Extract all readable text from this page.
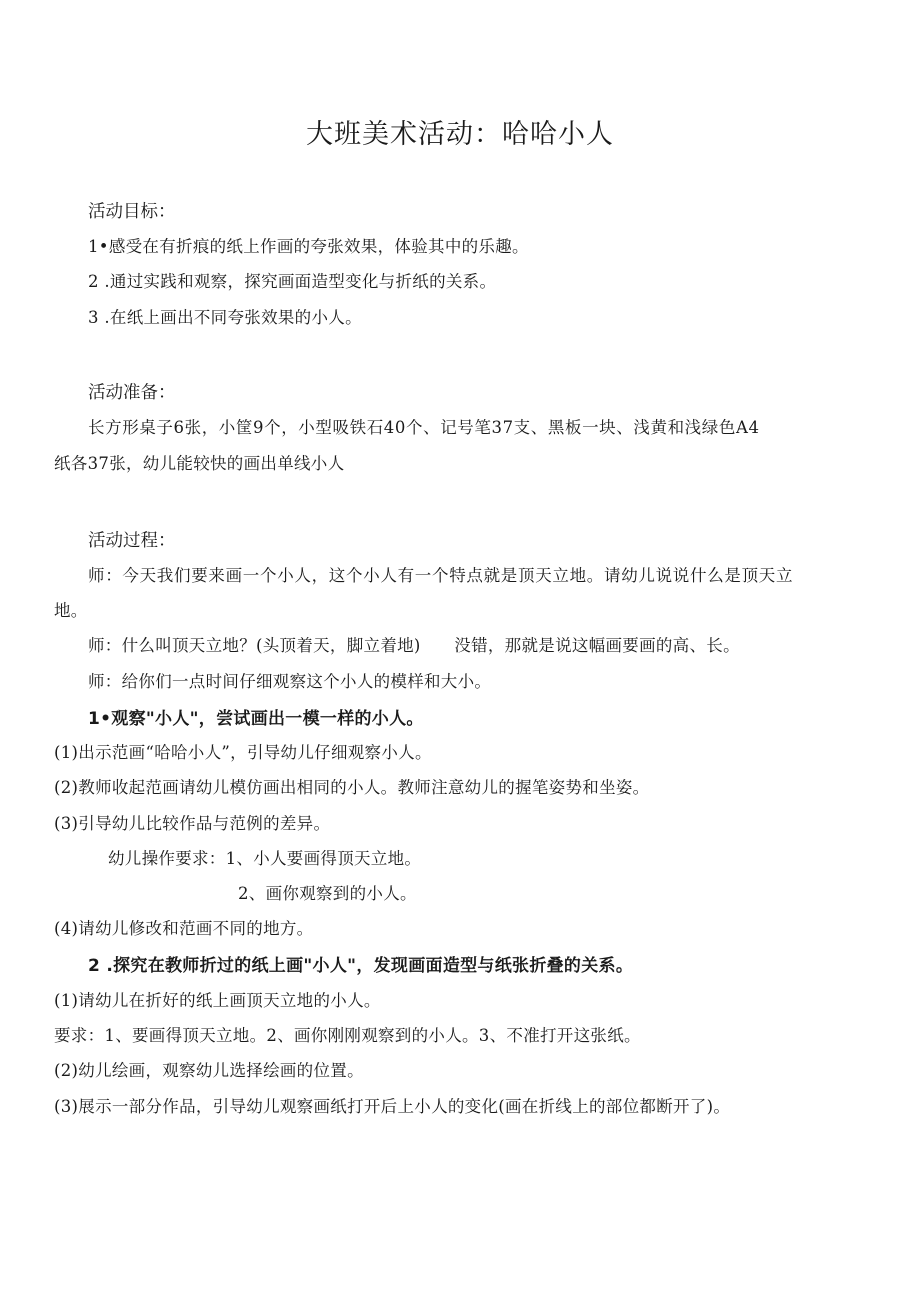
大班美术活动：哈哈小人
活动目标：
1•感受在有折痕的纸上作画的夸张效果，体验其中的乐趣。
2 .通过实践和观察，探究画面造型变化与折纸的关系。
3 .在纸上画出不同夸张效果的小人。
活动准备：
长方形桌子6张，小筐9个，小型吸铁石40个、记号笔37支、黑板一块、浅黄和浅绿色A4
纸各37张，幼儿能较快的画出单线小人
活动过程：
师：今天我们要来画一个小人，这个小人有一个特点就是顶天立地。请幼儿说说什么是顶天立
地。
师：什么叫顶天立地？(头顶着天，脚立着地)　　没错，那就是说这幅画要画的高、长。
师：给你们一点时间仔细观察这个小人的模样和大小。
1•观察"小人"，尝试画出一模一样的小人。
(1)出示范画“哈哈小人”，引导幼儿仔细观察小人。
(2)教师收起范画请幼儿模仿画出相同的小人。教师注意幼儿的握笔姿势和坐姿。
(3)引导幼儿比较作品与范例的差异。
幼儿操作要求：1、小人要画得顶天立地。
2、画你观察到的小人。
(4)请幼儿修改和范画不同的地方。
2 .探究在教师折过的纸上画"小人"，发现画面造型与纸张折叠的关系。
(1)请幼儿在折好的纸上画顶天立地的小人。
要求：1、要画得顶天立地。2、画你刚刚观察到的小人。3、不准打开这张纸。
(2)幼儿绘画，观察幼儿选择绘画的位置。
(3)展示一部分作品，引导幼儿观察画纸打开后上小人的变化(画在折线上的部位都断开了)。
